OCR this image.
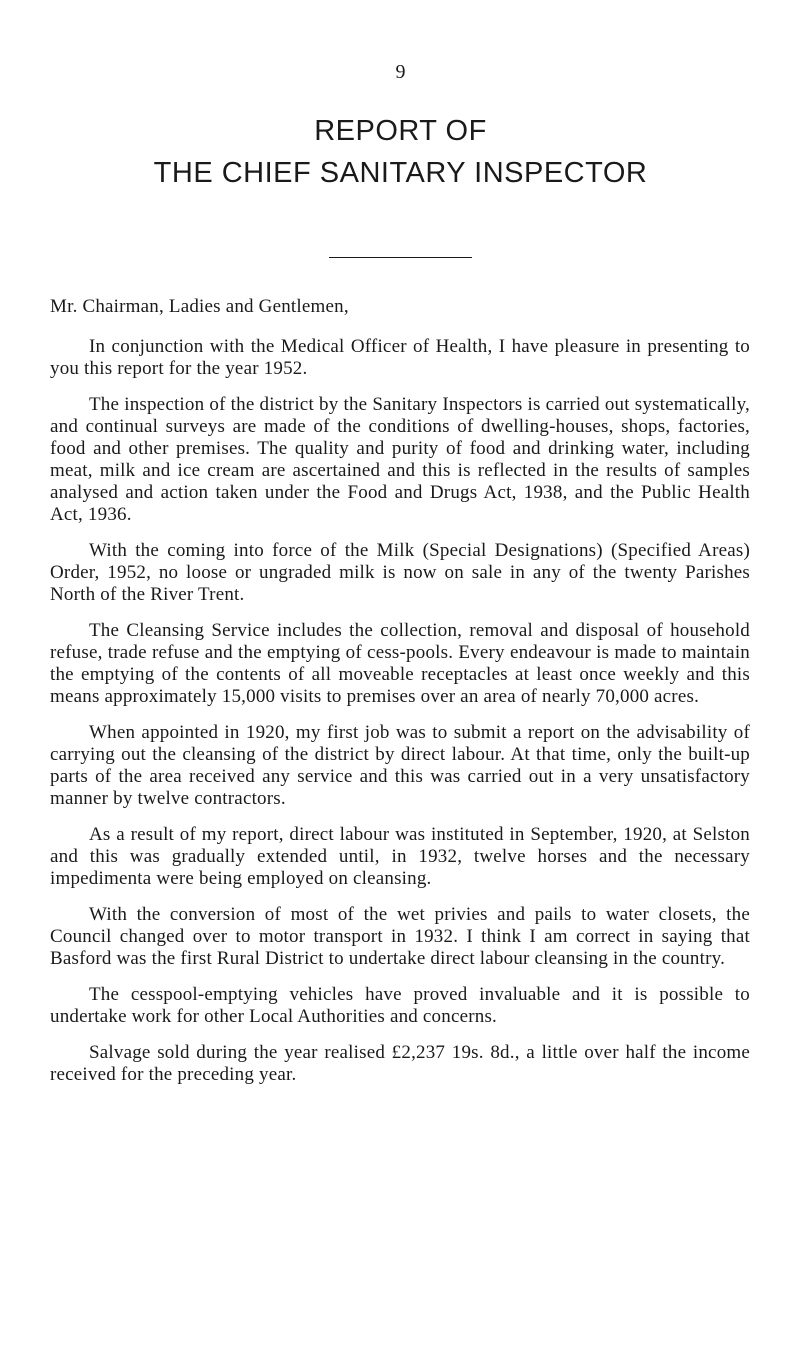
9
REPORT OF
THE CHIEF SANITARY INSPECTOR

Mr. Chairman, Ladies and Gentlemen,

In conjunction with the Medical Officer of Health, I have pleasure in presenting to you this report for the year 1952.

The inspection of the district by the Sanitary Inspectors is carried out systematically, and continual surveys are made of the conditions of dwelling-houses, shops, factories, food and other premises. The quality and purity of food and drinking water, including meat, milk and ice cream are ascertained and this is reflected in the results of samples analysed and action taken under the Food and Drugs Act, 1938, and the Public Health Act, 1936.

With the coming into force of the Milk (Special Designations) (Specified Areas) Order, 1952, no loose or ungraded milk is now on sale in any of the twenty Parishes North of the River Trent.

The Cleansing Service includes the collection, removal and disposal of household refuse, trade refuse and the emptying of cess-pools. Every endeavour is made to maintain the emptying of the contents of all moveable receptacles at least once weekly and this means approximately 15,000 visits to premises over an area of nearly 70,000 acres.

When appointed in 1920, my first job was to submit a report on the advisability of carrying out the cleansing of the district by direct labour. At that time, only the built-up parts of the area received any service and this was carried out in a very unsatisfactory manner by twelve contractors.

As a result of my report, direct labour was instituted in September, 1920, at Selston and this was gradually extended until, in 1932, twelve horses and the necessary impedimenta were being employed on cleansing.

With the conversion of most of the wet privies and pails to water closets, the Council changed over to motor transport in 1932. I think I am correct in saying that Basford was the first Rural District to undertake direct labour cleansing in the country.

The cesspool-emptying vehicles have proved invaluable and it is possible to undertake work for other Local Authorities and concerns.

Salvage sold during the year realised £2,237 19s. 8d., a little over half the income received for the preceding year.
